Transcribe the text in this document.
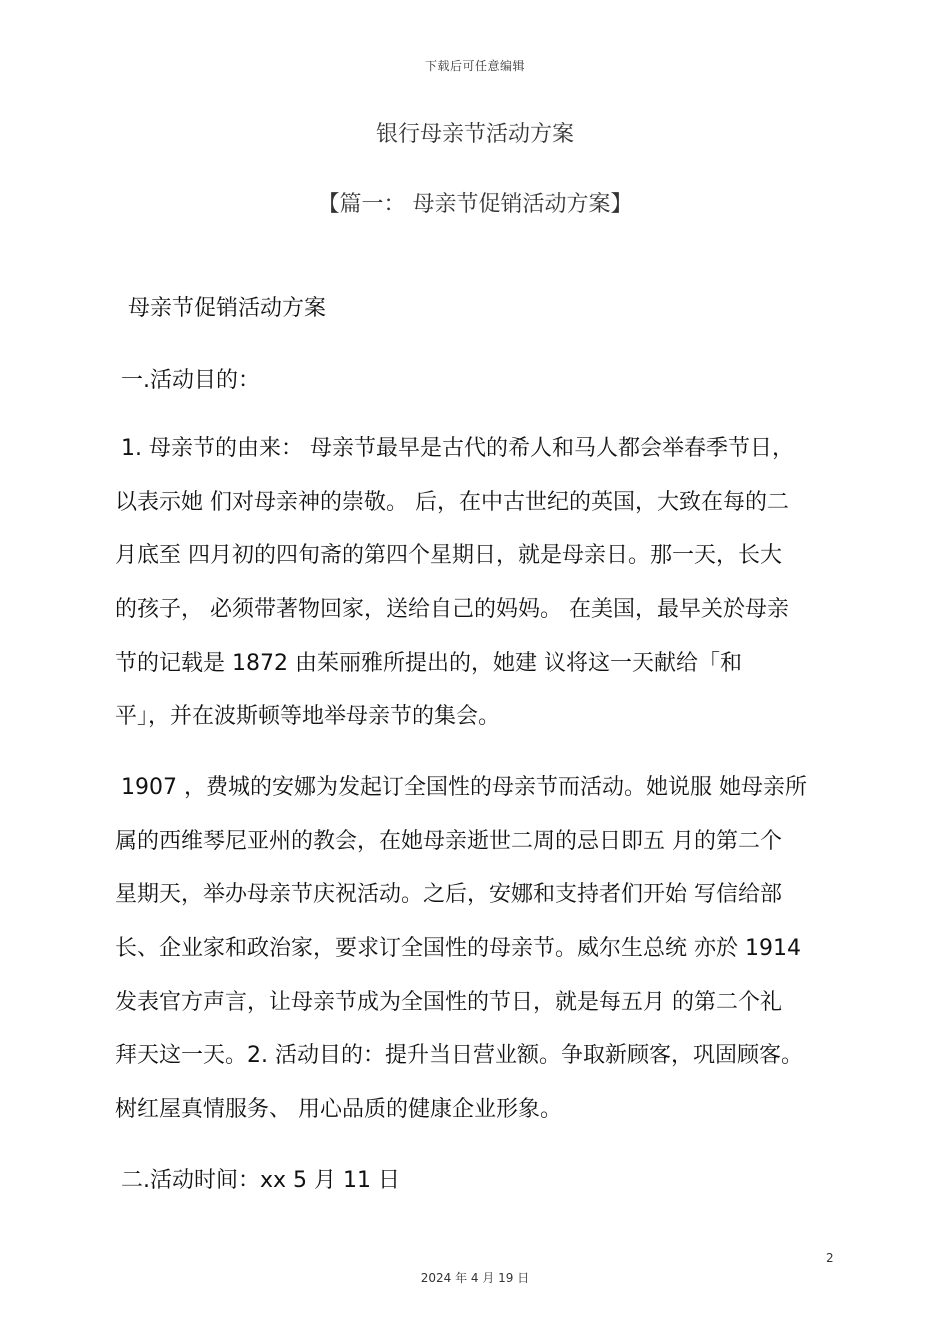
下载后可任意编辑
银行母亲节活动方案
【篇一： 母亲节促销活动方案】
母亲节促销活动方案
一.活动目的：
1. 母亲节的由来： 母亲节最早是古代的希人和马人都会举春季节日，
以表示她 们对母亲神的崇敬。 后，在中古世纪的英国，大致在每的二
月底至 四月初的四旬斋的第四个星期日，就是母亲日。那一天，长大
的孩子， 必须带著物回家，送给自己的妈妈。 在美国，最早关於母亲
节的记载是 1872 由茱丽雅所提出的，她建 议将这一天献给「和
平」，并在波斯顿等地举母亲节的集会。
1907 ，费城的安娜为发起订全国性的母亲节而活动。她说服 她母亲所
属的西维琴尼亚州的教会，在她母亲逝世二周的忌日即五 月的第二个
星期天，举办母亲节庆祝活动。之后，安娜和支持者们开始 写信给部
长、企业家和政治家，要求订全国性的母亲节。威尔生总统 亦於 1914
发表官方声言，让母亲节成为全国性的节日，就是每五月 的第二个礼
拜天这一天。2. 活动目的：提升当日营业额。争取新顾客，巩固顾客。
树红屋真情服务、 用心品质的健康企业形象。
二.活动时间：xx 5 月 11 日
2
2024 年 4 月 19 日
